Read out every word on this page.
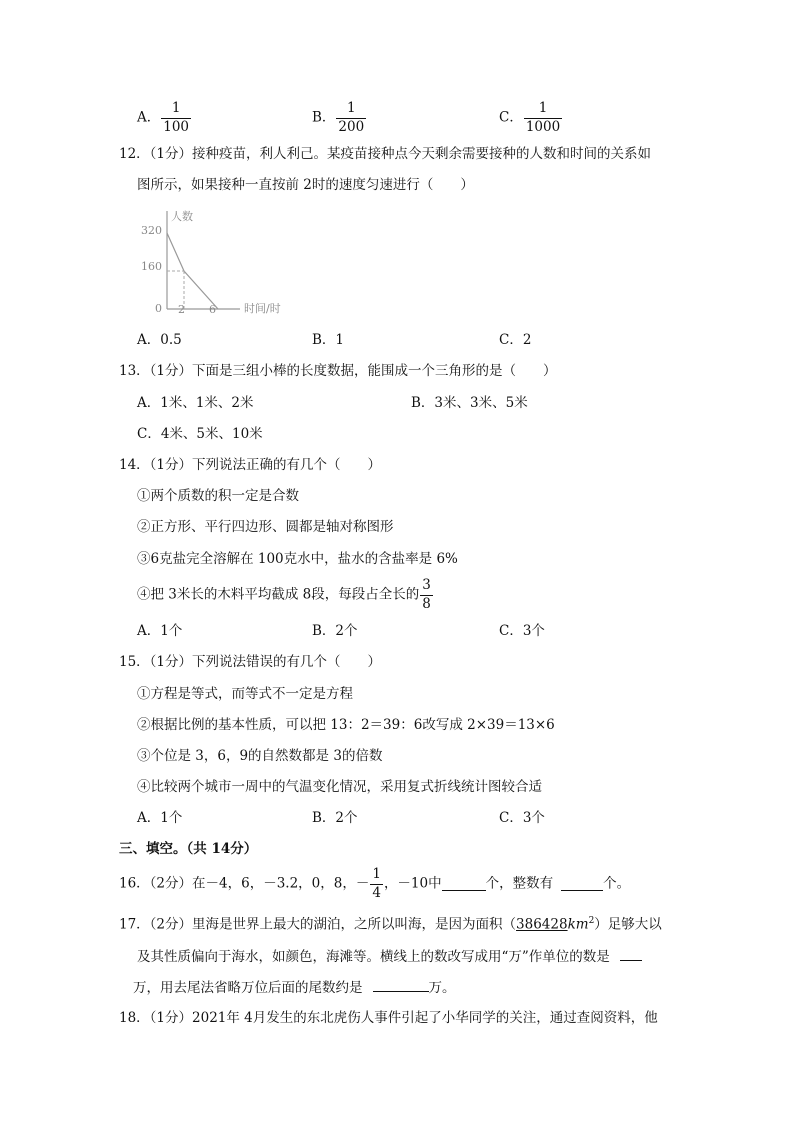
A． $\frac{1}{100}$	B． $\frac{1}{200}$	C． $\frac{1}{1000}$
12．（1分）接种疫苗，利人利己。某疫苗接种点今天剩余需要接种的人数和时间的关系如
图所示，如果接种一直按前 2时的速度匀速进行（　　）
人数
时间/时
320
160
0 2 6
A．0.5	B．1	C．2
13．（1分）下面是三组小棒的长度数据，能围成一个三角形的是（　　）
A．1米、1米、2米	B．3米、3米、5米
C．4米、5米、10米
14．（1分）下列说法正确的有几个（　　）
①两个质数的积一定是合数
②正方形、平行四边形、圆都是轴对称图形
③6克盐完全溶解在 100克水中，盐水的含盐率是 6%
④把 3米长的木料平均截成 8段，每段占全长的 $\frac{3}{8}$
A．1个	B．2个	C．3个
15．（1分）下列说法错误的有几个（　　）
①方程是等式，而等式不一定是方程
②根据比例的基本性质，可以把 13：2＝39：6改写成 2×39＝13×6
③个位是 3，6，9的自然数都是 3的倍数
④比较两个城市一周中的气温变化情况，采用复式折线统计图较合适
A．1个	B．2个	C．3个
三、填空。（共 14分）
16．（2分）在－4，6，－3.2，0，8，－ $\frac{1}{4}$ ，－10中	个，整数有	个。
17．（2分）里海是世界上最大的湖泊，之所以叫海，是因为面积$(386428km^2)$足够大以
及其性质偏向于海水，如颜色，海滩等。横线上的数改写成用“万”作单位的数是
万，用去尾法省略万位后面的尾数约是	万。
18．（1分）2021年 4月发生的东北虎伤人事件引起了小华同学的关注，通过查阅资料，他
